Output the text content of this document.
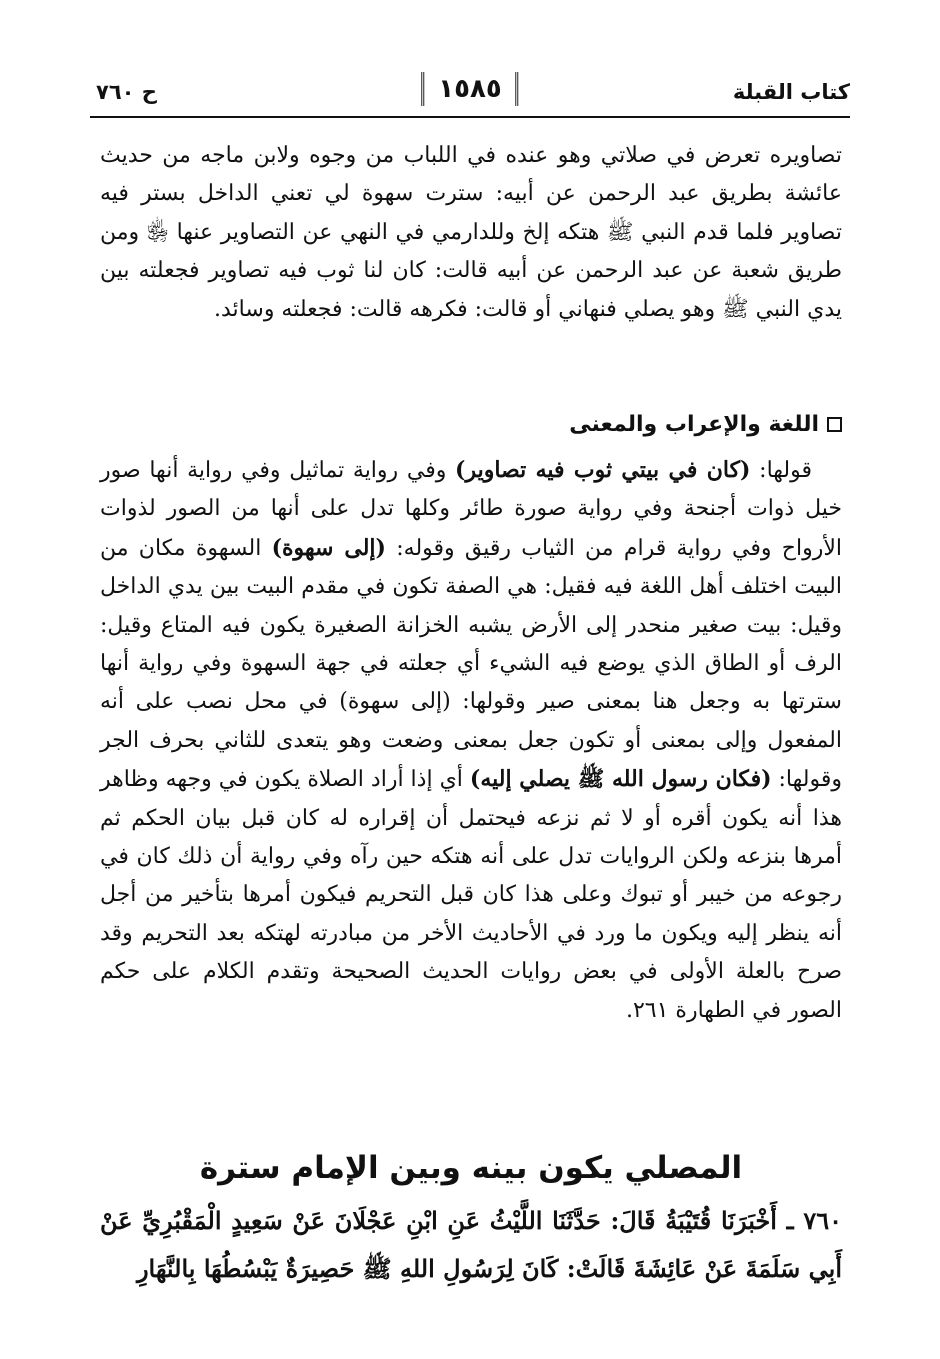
كتاب القبلة
١٥٨٥
ح ٧٦٠

تصاويره تعرض في صلاتي وهو عنده في اللباب من وجوه ولابن ماجه من حديث عائشة بطريق عبد الرحمن عن أبيه: سترت سهوة لي تعني الداخل بستر فيه تصاوير فلما قدم النبي ﷺ هتكه إلخ وللدارمي في النهي عن التصاوير عنها ﵂ ومن طريق شعبة عن عبد الرحمن عن أبيه قالت: كان لنا ثوب فيه تصاوير فجعلته بين يدي النبي ﷺ وهو يصلي فنهاني أو قالت: فكرهه قالت: فجعلته وسائد.

اللغة والإعراب والمعنى

قولها: (كان في بيتي ثوب فيه تصاوير) وفي رواية تماثيل وفي رواية أنها صور خيل ذوات أجنحة وفي رواية صورة طائر وكلها تدل على أنها من الصور لذوات الأرواح وفي رواية قرام من الثياب رقيق وقوله: (إلى سهوة) السهوة مكان من البيت اختلف أهل اللغة فيه فقيل: هي الصفة تكون في مقدم البيت بين يدي الداخل وقيل: بيت صغير منحدر إلى الأرض يشبه الخزانة الصغيرة يكون فيه المتاع وقيل: الرف أو الطاق الذي يوضع فيه الشيء أي جعلته في جهة السهوة وفي رواية أنها سترتها به وجعل هنا بمعنى صير وقولها: (إلى سهوة) في محل نصب على أنه المفعول وإلى بمعنى أو تكون جعل بمعنى وضعت وهو يتعدى للثاني بحرف الجر وقولها: (فكان رسول الله ﷺ يصلي إليه) أي إذا أراد الصلاة يكون في وجهه وظاهر هذا أنه يكون أقره أو لا ثم نزعه فيحتمل أن إقراره له كان قبل بيان الحكم ثم أمرها بنزعه ولكن الروايات تدل على أنه هتكه حين رآه وفي رواية أن ذلك كان في رجوعه من خيبر أو تبوك وعلى هذا كان قبل التحريم فيكون أمرها بتأخير من أجل أنه ينظر إليه ويكون ما ورد في الأحاديث الأخر من مبادرته لهتكه بعد التحريم وقد صرح بالعلة الأولى في بعض روايات الحديث الصحيحة وتقدم الكلام على حكم الصور في الطهارة ٢٦١.

المصلي يكون بينه وبين الإمام سترة
٧٦٠ ـ أَخْبَرَنَا قُتَيْبَةُ قَالَ: حَدَّثَنَا اللَّيْثُ عَنِ ابْنِ عَجْلَانَ عَنْ سَعِيدٍ الْمَقْبُرِيِّ عَنْ أَبِي سَلَمَةَ عَنْ عَائِشَةَ قَالَتْ: كَانَ لِرَسُولِ اللهِ ﷺ حَصِيرَةٌ يَبْسُطُهَا بِالنَّهَارِ
